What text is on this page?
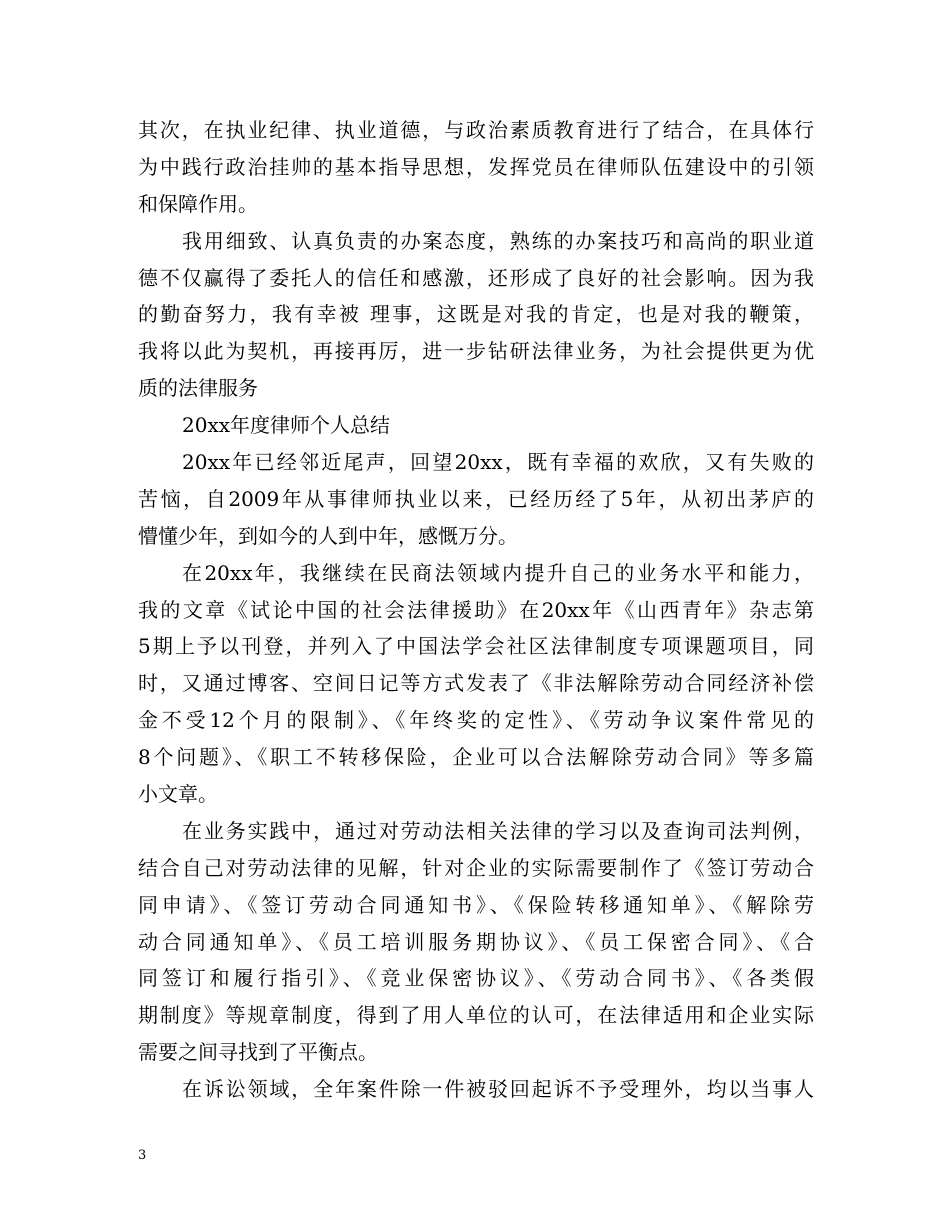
其次，在执业纪律、执业道德，与政治素质教育进行了结合，在具体行
为中践行政治挂帅的基本指导思想，发挥党员在律师队伍建设中的引领
和保障作用。
我用细致、认真负责的办案态度，熟练的办案技巧和高尚的职业道
德不仅赢得了委托人的信任和感激，还形成了良好的社会影响。因为我
的勤奋努力，我有幸被 理事，这既是对我的肯定，也是对我的鞭策，
我将以此为契机，再接再厉，进一步钻研法律业务，为社会提供更为优
质的法律服务
20xx年度律师个人总结
20xx年已经邻近尾声，回望20xx，既有幸福的欢欣，又有失败的
苦恼，自2009年从事律师执业以来，已经历经了5年，从初出茅庐的
懵懂少年，到如今的人到中年，感慨万分。
在20xx年，我继续在民商法领域内提升自己的业务水平和能力，
我的文章《试论中国的社会法律援助》在20xx年《山西青年》杂志第
5期上予以刊登，并列入了中国法学会社区法律制度专项课题项目，同
时，又通过博客、空间日记等方式发表了《非法解除劳动合同经济补偿
金不受12个月的限制》、《年终奖的定性》、《劳动争议案件常见的
8个问题》、《职工不转移保险，企业可以合法解除劳动合同》等多篇
小文章。
在业务实践中，通过对劳动法相关法律的学习以及查询司法判例，
结合自己对劳动法律的见解，针对企业的实际需要制作了《签订劳动合
同申请》、《签订劳动合同通知书》、《保险转移通知单》、《解除劳
动合同通知单》、《员工培训服务期协议》、《员工保密合同》、《合
同签订和履行指引》、《竞业保密协议》、《劳动合同书》、《各类假
期制度》等规章制度，得到了用人单位的认可，在法律适用和企业实际
需要之间寻找到了平衡点。
在诉讼领域，全年案件除一件被驳回起诉不予受理外，均以当事人
3
